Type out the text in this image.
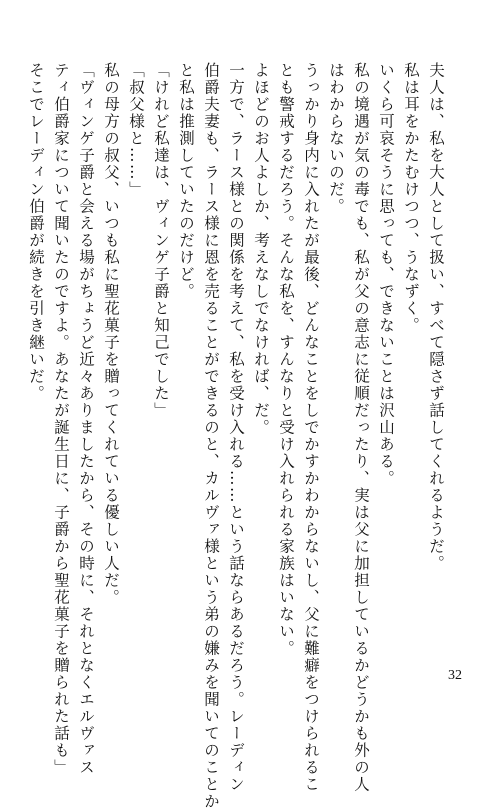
夫人は、私を大人として扱い、すべて隠さず話してくれるようだ。

私は耳をかたむけつつ、うなずく。

いくら可哀そうに思っても、できないことは沢山ある。

私の境遇が気の毒でも、私が父の意志に従順だったり、実は父に加担しているかどうかも外の人

はわからないのだ。

うっかり身内に入れたが最後、どんなことをしでかすかわからないし、父に難癖をつけられるこ

とも警戒するだろう。そんな私を、すんなりと受け入れられる家族はいない。

よほどのお人よしか、考えなしでなければ、だ。

一方で、ラース様との関係を考えて、私を受け入れる……という話ならあるだろう。レーディン

伯爵夫妻も、ラース様に恩を売ることができるのと、カルヴァ様という弟の嫌みを聞いてのことか

と私は推測していたのだけど。

「けれど私達は、ヴィンゲ子爵と知己でした」

「叔父様と……」

私の母方の叔父、いつも私に聖花菓子を贈ってくれている優しい人だ。

「ヴィンゲ子爵と会える場がちょうど近々ありましたから、その時に、それとなくエルヴァス

ティ伯爵家について聞いたのですよ。あなたが誕生日に、子爵から聖花菓子を贈られた話も」

そこでレーディン伯爵が続きを引き継いだ。

32
